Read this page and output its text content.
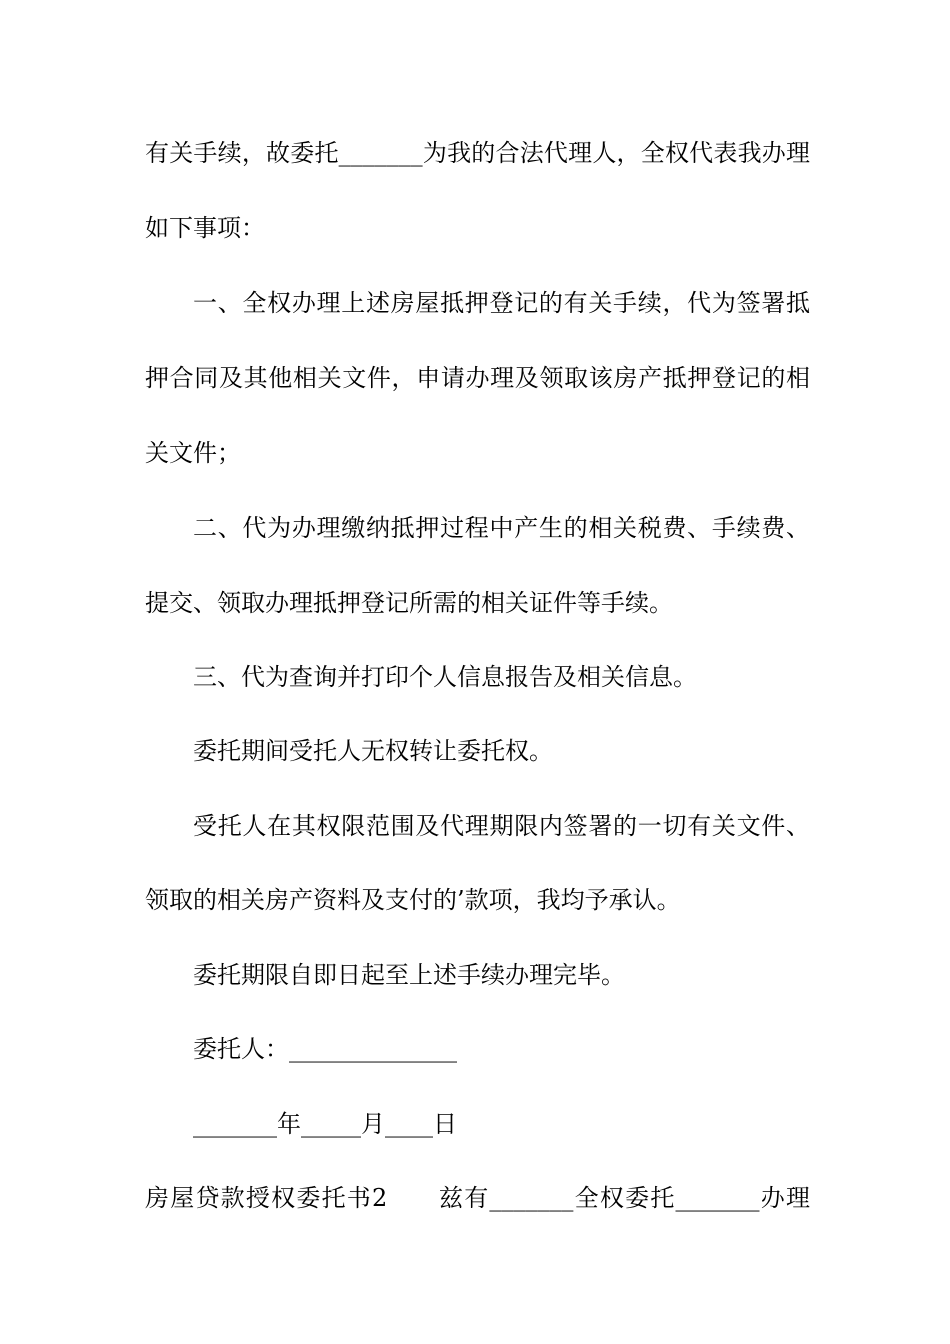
有关手续，故委托_______为我的合法代理人，全权代表我办理
如下事项：
一、全权办理上述房屋抵押登记的有关手续，代为签署抵
押合同及其他相关文件，申请办理及领取该房产抵押登记的相
关文件；
二、代为办理缴纳抵押过程中产生的相关税费、手续费、
提交、领取办理抵押登记所需的相关证件等手续。
三、代为查询并打印个人信息报告及相关信息。
委托期间受托人无权转让委托权。
受托人在其权限范围及代理期限内签署的一切有关文件、
领取的相关房产资料及支付的’款项，我均予承认。
委托期限自即日起至上述手续办理完毕。
委托人：______________
_______年_____月____日
房屋贷款授权委托书2　　兹有_______全权委托_______办理
